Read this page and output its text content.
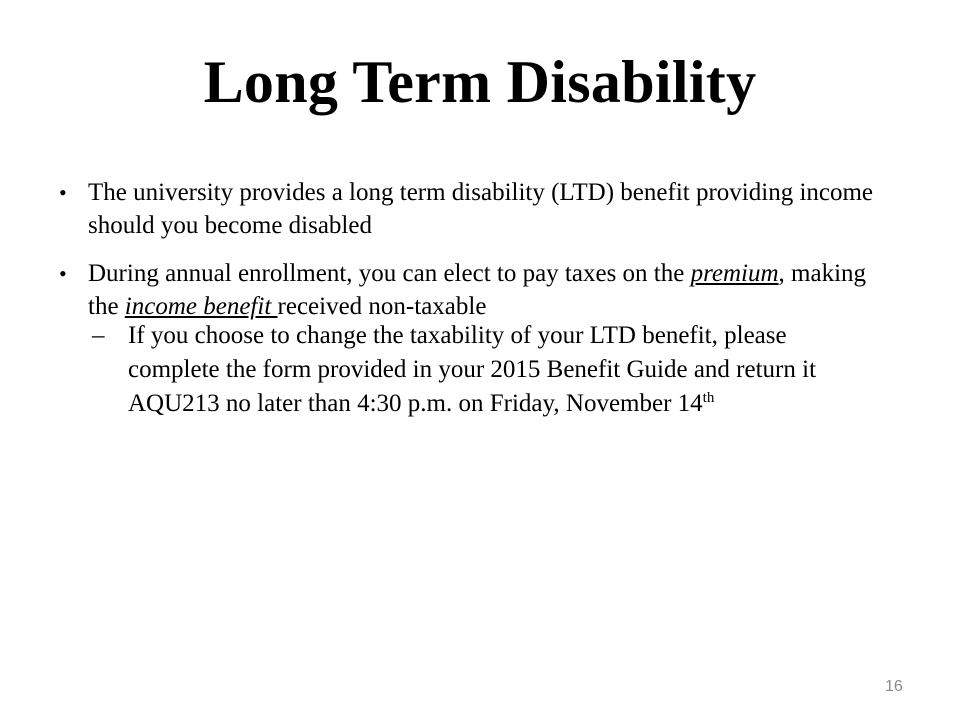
Long Term Disability
• The university provides a long term disability (LTD) benefit providing income should you become disabled
• During annual enrollment, you can elect to pay taxes on the premium, making the income benefit received non-taxable
– If you choose to change the taxability of your LTD benefit, please complete the form provided in your 2015 Benefit Guide and return it AQU213 no later than 4:30 p.m. on Friday, November 14th
16
